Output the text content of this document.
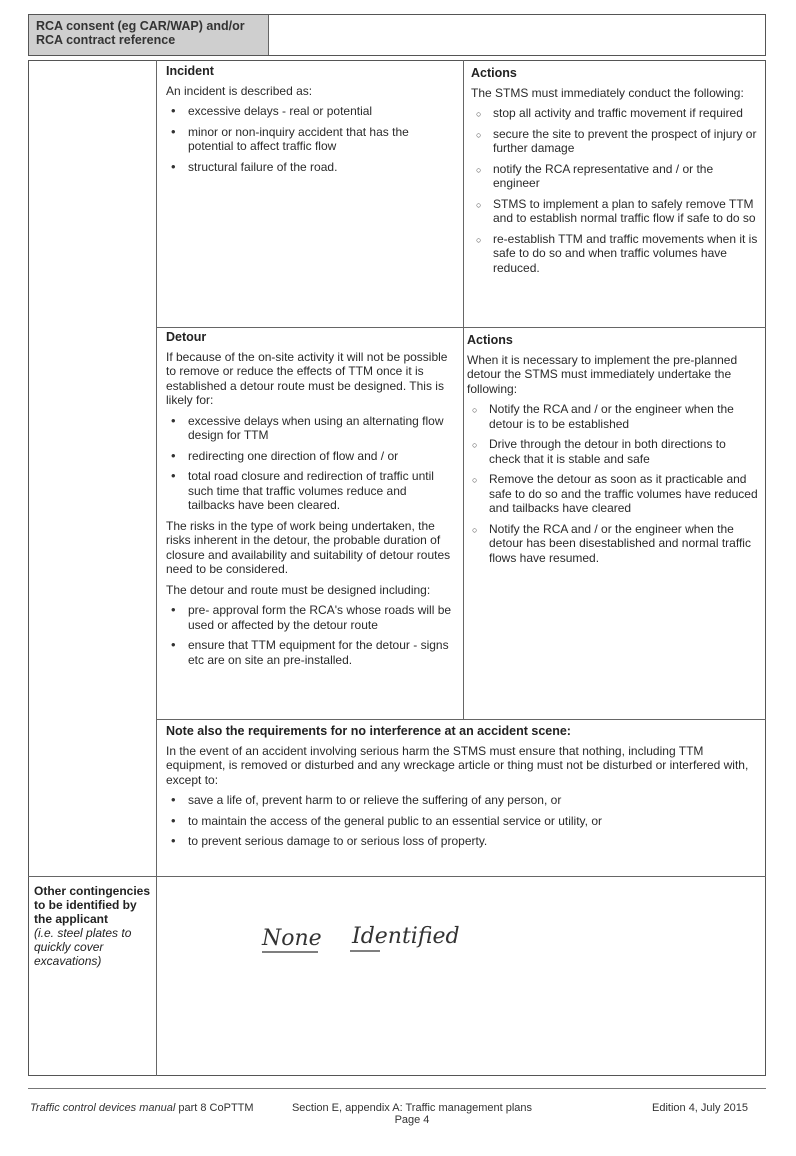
RCA consent (eg CAR/WAP) and/or
RCA contract reference
Incident

An incident is described as:

• excessive delays - real or potential
• minor or non-inquiry accident that has the potential to affect traffic flow
• structural failure of the road.
Actions

The STMS must immediately conduct the following:

○ stop all activity and traffic movement if required
○ secure the site to prevent the prospect of injury or further damage
○ notify the RCA representative and / or the engineer
○ STMS to implement a plan to safely remove TTM and to establish normal traffic flow if safe to do so
○ re-establish TTM and traffic movements when it is safe to do so and when traffic volumes have reduced.
Detour

If because of the on-site activity it will not be possible to remove or reduce the effects of TTM once it is established a detour route must be designed. This is likely for:

• excessive delays when using an alternating flow design for TTM
• redirecting one direction of flow and / or
• total road closure and redirection of traffic until such time that traffic volumes reduce and tailbacks have been cleared.

The risks in the type of work being undertaken, the risks inherent in the detour, the probable duration of closure and availability and suitability of detour routes need to be considered.

The detour and route must be designed including:

• pre- approval form the RCA's whose roads will be used or affected by the detour route
• ensure that TTM equipment for the detour - signs etc are on site an pre-installed.
Actions

When it is necessary to implement the pre-planned detour the STMS must immediately undertake the following:

○ Notify the RCA and / or the engineer when the detour is to be established
○ Drive through the detour in both directions to check that it is stable and safe
○ Remove the detour as soon as it practicable and safe to do so and the traffic volumes have reduced and tailbacks have cleared
○ Notify the RCA and / or the engineer when the detour has been disestablished and normal traffic flows have resumed.
Note also the requirements for no interference at an accident scene:

In the event of an accident involving serious harm the STMS must ensure that nothing, including TTM equipment, is removed or disturbed and any wreckage article or thing must not be disturbed or interfered with, except to:

• save a life of, prevent harm to or relieve the suffering of any person, or
• to maintain the access of the general public to an essential service or utility, or
• to prevent serious damage to or serious loss of property.
Other contingencies to be identified by the applicant
(i.e. steel plates to quickly cover excavations)
None Identified
Traffic control devices manual part 8 CoPTTM	Section E, appendix A: Traffic management plans
Page 4
Edition 4, July 2015
